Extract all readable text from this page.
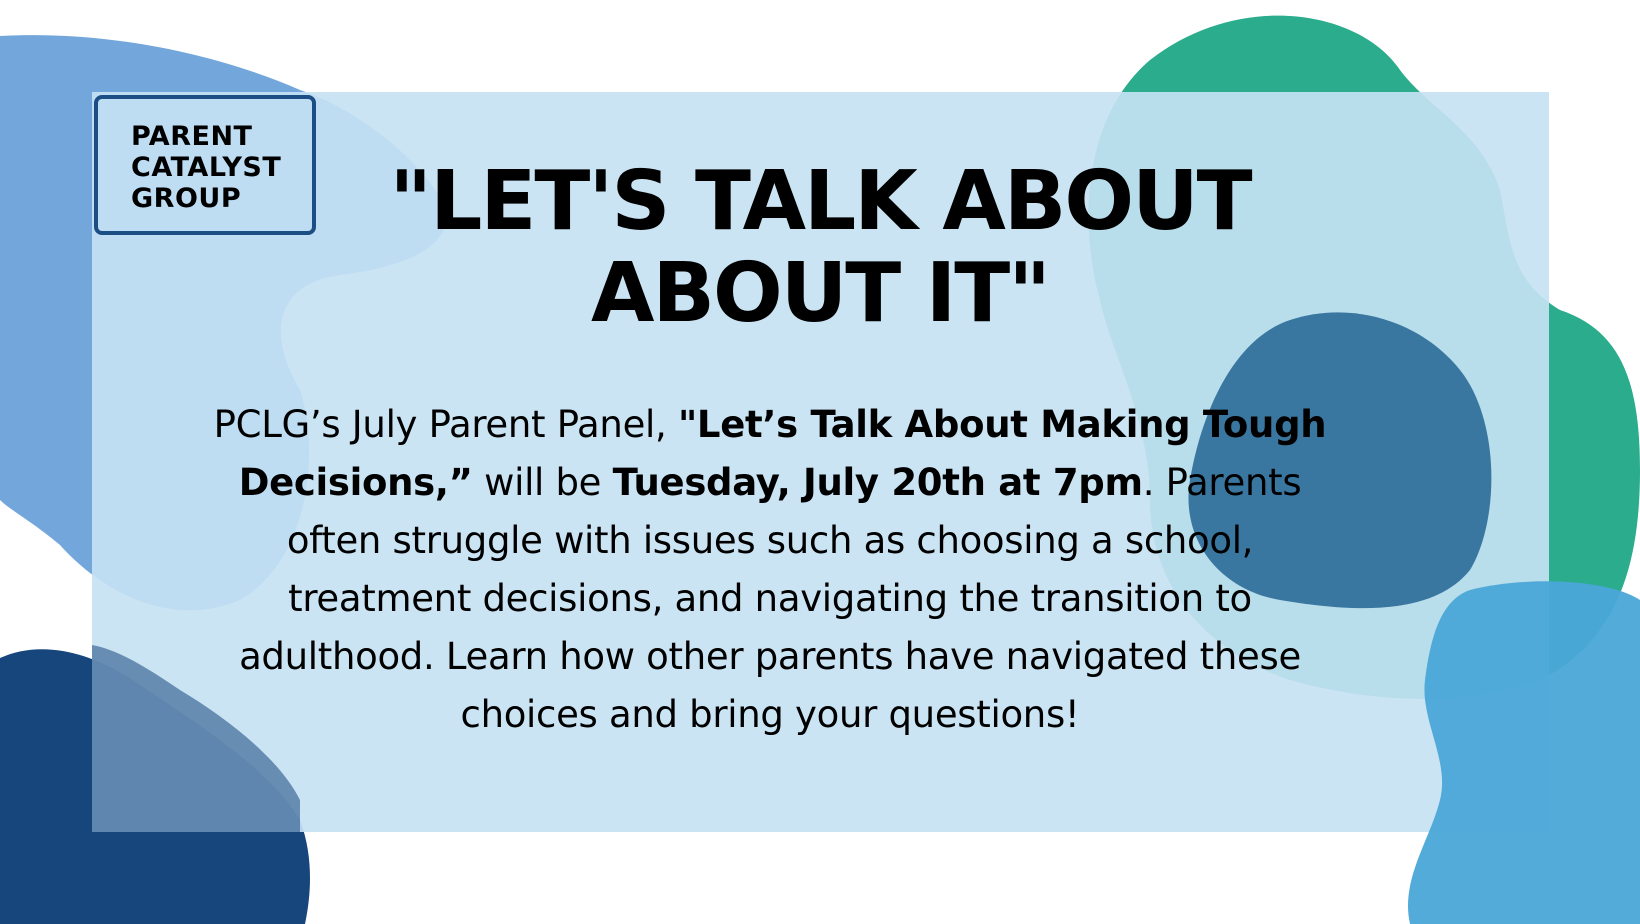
PARENT
CATALYST
GROUP	"LET'S TALK ABOUT
ABOUT IT"

PCLG’s July Parent Panel, "Let’s Talk About Making Tough Decisions,” will be Tuesday, July 20th at 7pm. Parents often struggle with issues such as choosing a school, treatment decisions, and navigating the transition to adulthood. Learn how other parents have navigated these choices and bring your questions!
